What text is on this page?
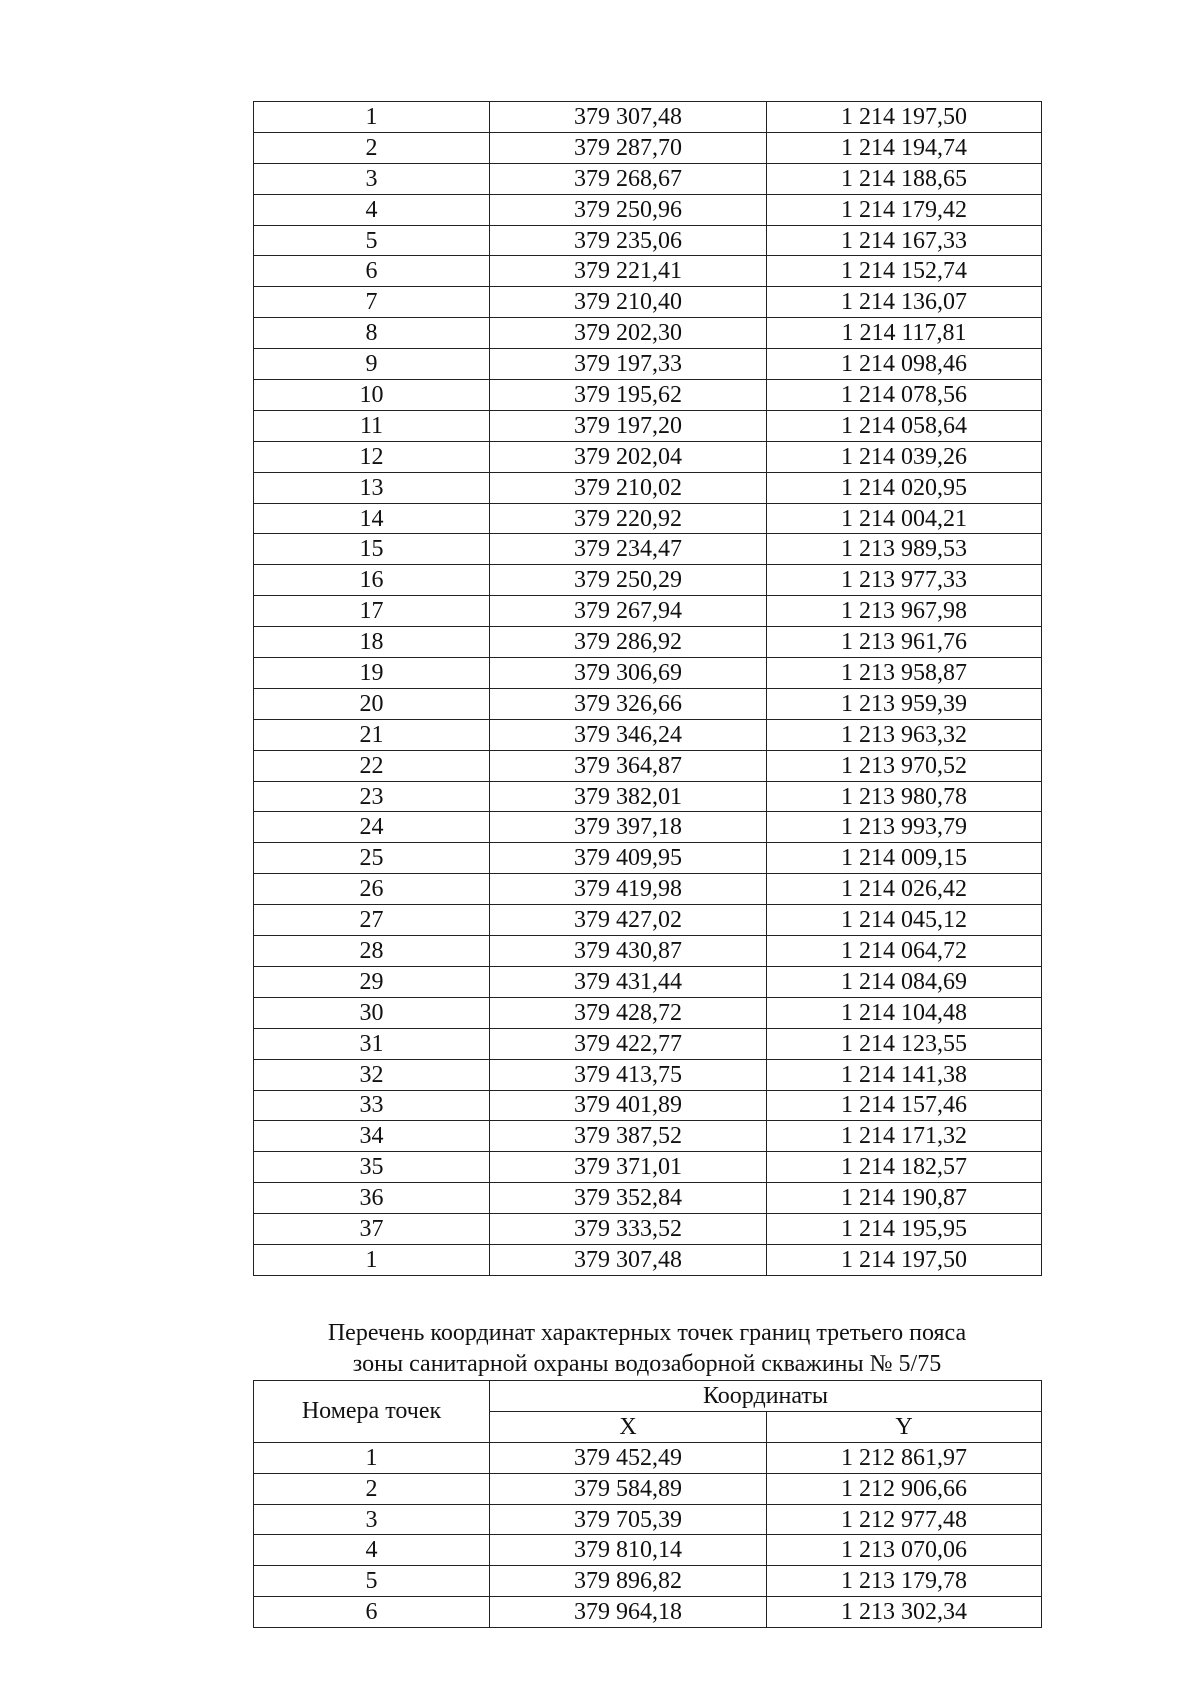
1	379 307,48	1 214 197,50
2	379 287,70	1 214 194,74
3	379 268,67	1 214 188,65
4	379 250,96	1 214 179,42
5	379 235,06	1 214 167,33
6	379 221,41	1 214 152,74
7	379 210,40	1 214 136,07
8	379 202,30	1 214 117,81
9	379 197,33	1 214 098,46
10	379 195,62	1 214 078,56
11	379 197,20	1 214 058,64
12	379 202,04	1 214 039,26
13	379 210,02	1 214 020,95
14	379 220,92	1 214 004,21
15	379 234,47	1 213 989,53
16	379 250,29	1 213 977,33
17	379 267,94	1 213 967,98
18	379 286,92	1 213 961,76
19	379 306,69	1 213 958,87
20	379 326,66	1 213 959,39
21	379 346,24	1 213 963,32
22	379 364,87	1 213 970,52
23	379 382,01	1 213 980,78
24	379 397,18	1 213 993,79
25	379 409,95	1 214 009,15
26	379 419,98	1 214 026,42
27	379 427,02	1 214 045,12
28	379 430,87	1 214 064,72
29	379 431,44	1 214 084,69
30	379 428,72	1 214 104,48
31	379 422,77	1 214 123,55
32	379 413,75	1 214 141,38
33	379 401,89	1 214 157,46
34	379 387,52	1 214 171,32
35	379 371,01	1 214 182,57
36	379 352,84	1 214 190,87
37	379 333,52	1 214 195,95
1	379 307,48	1 214 197,50
Перечень координат характерных точек границ третьего пояса
зоны санитарной охраны водозаборной скважины № 5/75
Номера точек	Координаты	
	X	Y
1	379 452,49	1 212 861,97
2	379 584,89	1 212 906,66
3	379 705,39	1 212 977,48
4	379 810,14	1 213 070,06
5	379 896,82	1 213 179,78
6	379 964,18	1 213 302,34
